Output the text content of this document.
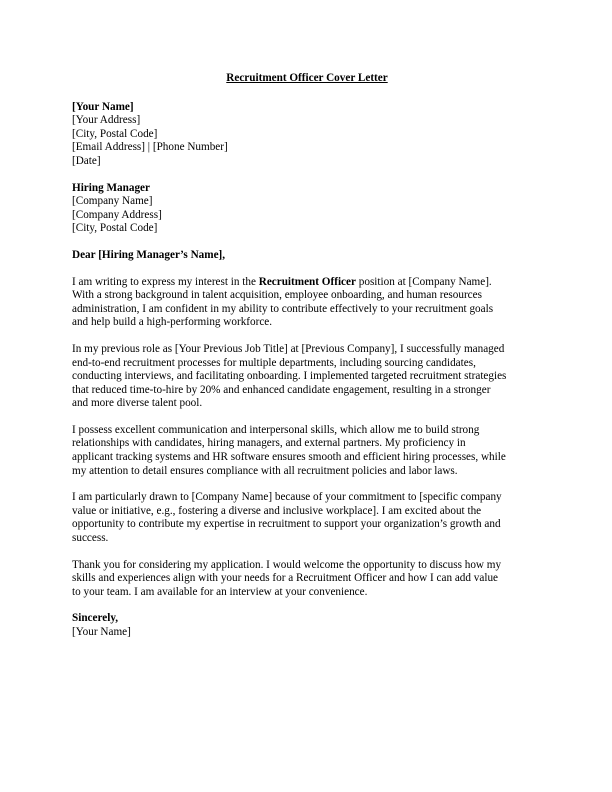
Recruitment Officer Cover Letter
[Your Name]
[Your Address]
[City, Postal Code]
[Email Address] | [Phone Number]
[Date]
Hiring Manager
[Company Name]
[Company Address]
[City, Postal Code]
Dear [Hiring Manager’s Name],

I am writing to express my interest in the Recruitment Officer position at [Company Name].
With a strong background in talent acquisition, employee onboarding, and human resources
administration, I am confident in my ability to contribute effectively to your recruitment goals
and help build a high-performing workforce.

In my previous role as [Your Previous Job Title] at [Previous Company], I successfully managed
end-to-end recruitment processes for multiple departments, including sourcing candidates,
conducting interviews, and facilitating onboarding. I implemented targeted recruitment strategies
that reduced time-to-hire by 20% and enhanced candidate engagement, resulting in a stronger
and more diverse talent pool.

I possess excellent communication and interpersonal skills, which allow me to build strong
relationships with candidates, hiring managers, and external partners. My proficiency in
applicant tracking systems and HR software ensures smooth and efficient hiring processes, while
my attention to detail ensures compliance with all recruitment policies and labor laws.

I am particularly drawn to [Company Name] because of your commitment to [specific company
value or initiative, e.g., fostering a diverse and inclusive workplace]. I am excited about the
opportunity to contribute my expertise in recruitment to support your organization’s growth and
success.

Thank you for considering my application. I would welcome the opportunity to discuss how my
skills and experiences align with your needs for a Recruitment Officer and how I can add value
to your team. I am available for an interview at your convenience.

Sincerely,
[Your Name]
